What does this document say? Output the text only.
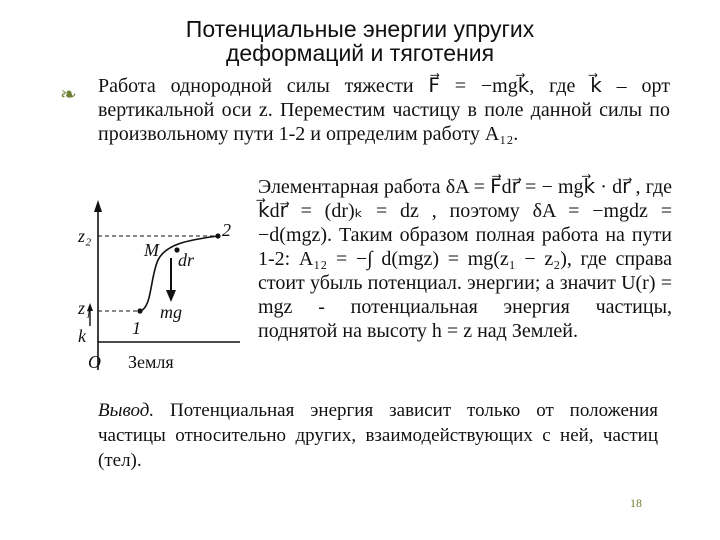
Потенциальные энергии упругих
деформаций и тяготения
❧ Работа однородной силы тяжести F⃗ = −mgk⃗, где k⃗ – орт вертикальной оси z. Переместим частицу в поле данной силы по произвольному пути 1-2 и определим работу A₁₂.
Элементарная работа δA = F⃗dr⃗ = − mgk⃗ · dr⃗ , где k⃗dr⃗ = (dr)ₖ = dz , поэтому δA = −mgdz = −d(mgz). Таким образом полная работа на пути 1-2: A₁₂ = −∫ d(mgz) = mg(z₁ − z₂), где справа стоит убыль потенциал. энергии; а значит U(r) = mgz - потенциальная энергия частицы, поднятой на высоту h = z над Землей.
z₂
z₁
k⃗
O
1
2
M dr⃗
mg
Земля
Вывод. Потенциальная энергия зависит только от положения частицы относительно других, взаимодействующих с ней, частиц (тел).
18
